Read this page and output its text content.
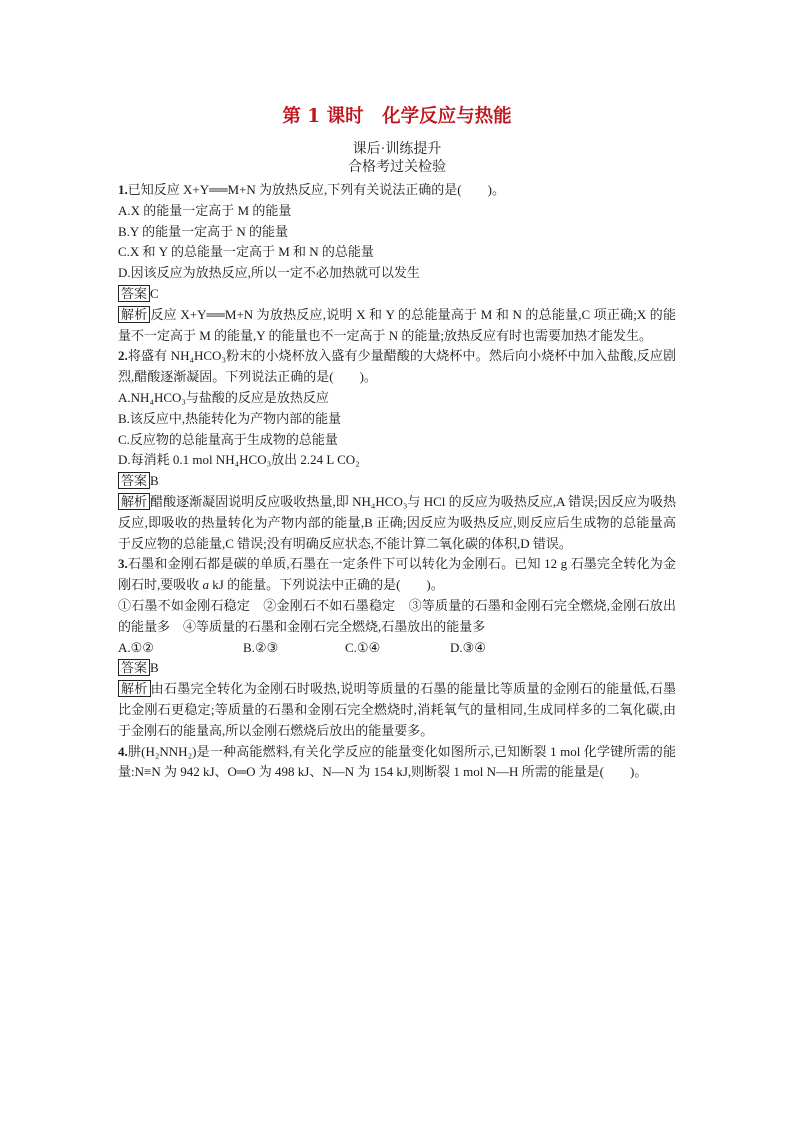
第 1 课时　化学反应与热能
课后·训练提升
合格考过关检验

1.已知反应 X+Y══M+N 为放热反应,下列有关说法正确的是(　　)。

A.X 的能量一定高于 M 的能量

B.Y 的能量一定高于 N 的能量

C.X 和 Y 的总能量一定高于 M 和 N 的总能量

D.因该反应为放热反应,所以一定不必加热就可以发生

答案 C

解析 反应 X+Y══M+N 为放热反应,说明 X 和 Y 的总能量高于 M 和 N 的总能量,C 项正确;X 的能量不一定高于 M 的能量,Y 的能量也不一定高于 N 的能量;放热反应有时也需要加热才能发生。

2.将盛有 NH₄HCO₃粉末的小烧杯放入盛有少量醋酸的大烧杯中。然后向小烧杯中加入盐酸,反应剧烈,醋酸逐渐凝固。下列说法正确的是(　　)。

A.NH₄HCO₃与盐酸的反应是放热反应

B.该反应中,热能转化为产物内部的能量

C.反应物的总能量高于生成物的总能量

D.每消耗 0.1 mol NH₄HCO₃放出 2.24 L CO₂

答案 B

解析 醋酸逐渐凝固说明反应吸收热量,即 NH₄HCO₃与 HCl 的反应为吸热反应,A 错误;因反应为吸热反应,即吸收的热量转化为产物内部的能量,B 正确;因反应为吸热反应,则反应后生成物的总能量高于反应物的总能量,C 错误;没有明确反应状态,不能计算二氧化碳的体积,D 错误。

3.石墨和金刚石都是碳的单质,石墨在一定条件下可以转化为金刚石。已知 12 g 石墨完全转化为金刚石时,要吸收 a kJ 的能量。下列说法中正确的是(　　)。

①石墨不如金刚石稳定　②金刚石不如石墨稳定　③等质量的石墨和金刚石完全燃烧,金刚石放出的能量多　④等质量的石墨和金刚石完全燃烧,石墨放出的能量多

A.①②	B.②③	C.①④	D.③④

答案 B

解析 由石墨完全转化为金刚石时吸热,说明等质量的石墨的能量比等质量的金刚石的能量低,石墨比金刚石更稳定;等质量的石墨和金刚石完全燃烧时,消耗氧气的量相同,生成同样多的二氧化碳,由于金刚石的能量高,所以金刚石燃烧后放出的能量要多。

4.肼(H₂NNH₂)是一种高能燃料,有关化学反应的能量变化如图所示,已知断裂 1 mol 化学键所需的能量:N≡N 为 942 kJ、O═O 为 498 kJ、N—N 为 154 kJ,则断裂 1 mol N—H 所需的能量是(　　)。
